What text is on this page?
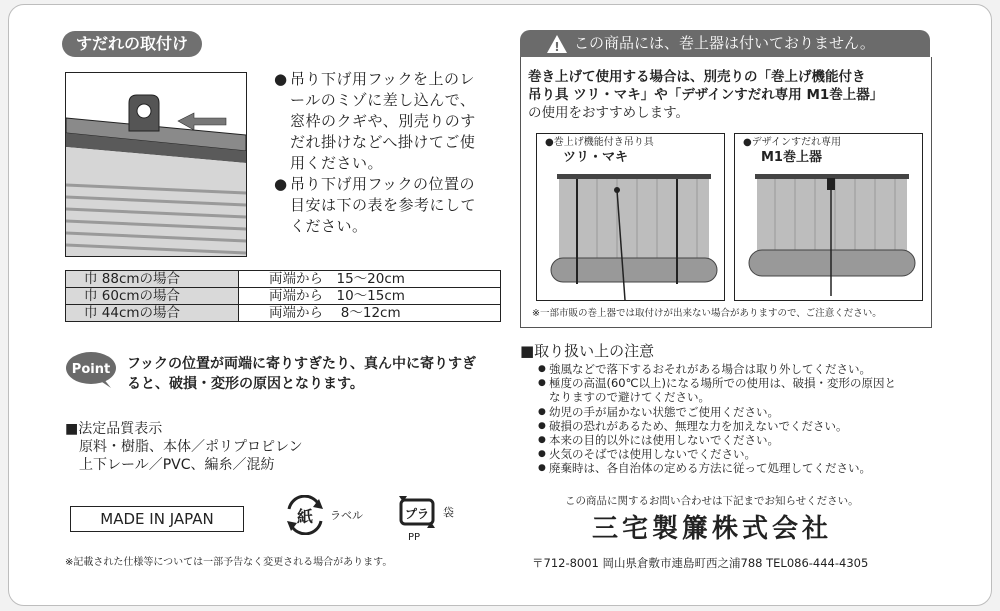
すだれの取付け
● 吊り下げ用フックを上のレールのミゾに差し込んで、窓枠のクギや、別売りのすだれ掛けなどへ掛けてご使用ください。
● 吊り下げ用フックの位置の目安は下の表を参考にしてください。
巾 88cmの場合	両端から　15〜20cm
巾 60cmの場合	両端から　10〜15cm
巾 44cmの場合	両端から　 8〜12cm
Point フックの位置が両端に寄りすぎたり、真ん中に寄りすぎると、破損・変形の原因となります。
■法定品質表示
原料・樹脂、本体／ポリプロピレン
上下レール／PVC、編糸／混紡
MADE IN JAPAN	紙 ラベル	プラ 袋
PP
※記載された仕様等については一部予告なく変更される場合があります。
! この商品には、巻上器は付いておりません。
巻き上げて使用する場合は、別売りの「巻上げ機能付き
吊り具 ツリ・マキ」や「デザインすだれ専用 M1巻上器」
の使用をおすすめします。
●巻上げ機能付き吊り具
ツリ・マキ
●デザインすだれ専用
M1巻上器
※一部市販の巻上器では取付けが出来ない場合がありますので、ご注意ください。
■取り扱い上の注意
● 強風などで落下するおそれがある場合は取り外してください。
● 極度の高温(60℃以上)になる場所での使用は、破損・変形の原因と
なりますので避けてください。
● 幼児の手が届かない状態でご使用ください。
● 破損の恐れがあるため、無理な力を加えないでください。
● 本来の目的以外には使用しないでください。
● 火気のそばでは使用しないでください。
● 廃棄時は、各自治体の定める方法に従って処理してください。
この商品に関するお問い合わせは下記までお知らせください。
三宅製簾株式会社
〒712-8001 岡山県倉敷市連島町西之浦788 TEL086-444-4305
